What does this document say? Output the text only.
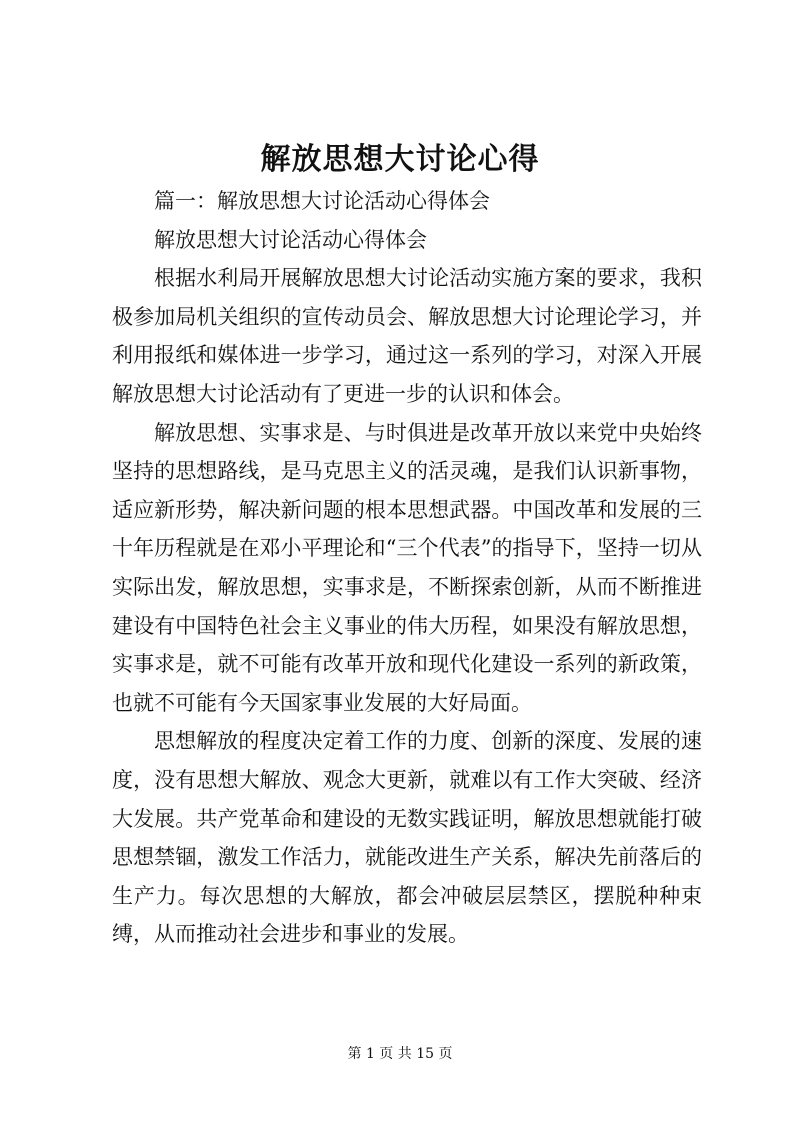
解放思想大讨论心得

篇一：解放思想大讨论活动心得体会

解放思想大讨论活动心得体会

根据水利局开展解放思想大讨论活动实施方案的要求，我积极参加局机关组织的宣传动员会、解放思想大讨论理论学习，并利用报纸和媒体进一步学习，通过这一系列的学习，对深入开展解放思想大讨论活动有了更进一步的认识和体会。

解放思想、实事求是、与时俱进是改革开放以来党中央始终坚持的思想路线，是马克思主义的活灵魂，是我们认识新事物，适应新形势，解决新问题的根本思想武器。中国改革和发展的三十年历程就是在邓小平理论和“三个代表”的指导下，坚持一切从实际出发，解放思想，实事求是，不断探索创新，从而不断推进建设有中国特色社会主义事业的伟大历程，如果没有解放思想，实事求是，就不可能有改革开放和现代化建设一系列的新政策，也就不可能有今天国家事业发展的大好局面。

思想解放的程度决定着工作的力度、创新的深度、发展的速度，没有思想大解放、观念大更新，就难以有工作大突破、经济大发展。共产党革命和建设的无数实践证明，解放思想就能打破思想禁锢，激发工作活力，就能改进生产关系，解决先前落后的生产力。每次思想的大解放，都会冲破层层禁区，摆脱种种束缚，从而推动社会进步和事业的发展。

第 1 页 共 15 页
